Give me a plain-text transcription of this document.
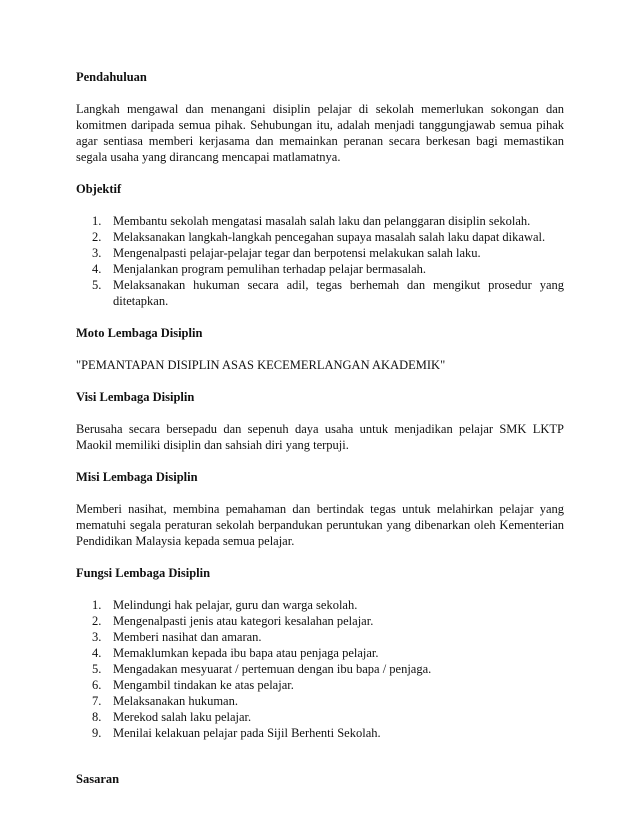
Pendahuluan

Langkah mengawal dan menangani disiplin pelajar di sekolah memerlukan sokongan dan komitmen daripada semua pihak. Sehubungan itu, adalah menjadi tanggungjawab semua pihak agar sentiasa memberi kerjasama dan memainkan peranan secara berkesan bagi memastikan segala usaha yang dirancang mencapai matlamatnya.

Objektif
1. Membantu sekolah mengatasi masalah salah laku dan pelanggaran disiplin sekolah.
2. Melaksanakan langkah-langkah pencegahan supaya masalah salah laku dapat dikawal.
3. Mengenalpasti pelajar-pelajar tegar dan berpotensi melakukan salah laku.
4. Menjalankan program pemulihan terhadap pelajar bermasalah.
5. Melaksanakan hukuman secara adil, tegas berhemah dan mengikut prosedur yang ditetapkan.
Moto Lembaga Disiplin

"PEMANTAPAN DISIPLIN ASAS KECEMERLANGAN AKADEMIK"

Visi Lembaga Disiplin

Berusaha secara bersepadu dan sepenuh daya usaha untuk menjadikan pelajar SMK LKTP Maokil memiliki disiplin dan sahsiah diri yang terpuji.

Misi Lembaga Disiplin

Memberi nasihat, membina pemahaman dan bertindak tegas untuk melahirkan pelajar yang mematuhi segala peraturan sekolah berpandukan peruntukan yang dibenarkan oleh Kementerian Pendidikan Malaysia kepada semua pelajar.

Fungsi Lembaga Disiplin
1. Melindungi hak pelajar, guru dan warga sekolah.
2. Mengenalpasti jenis atau kategori kesalahan pelajar.
3. Memberi nasihat dan amaran.
4. Memaklumkan kepada ibu bapa atau penjaga pelajar.
5. Mengadakan mesyuarat / pertemuan dengan ibu bapa / penjaga.
6. Mengambil tindakan ke atas pelajar.
7. Melaksanakan hukuman.
8. Merekod salah laku pelajar.
9. Menilai kelakuan pelajar pada Sijil Berhenti Sekolah.
Sasaran
